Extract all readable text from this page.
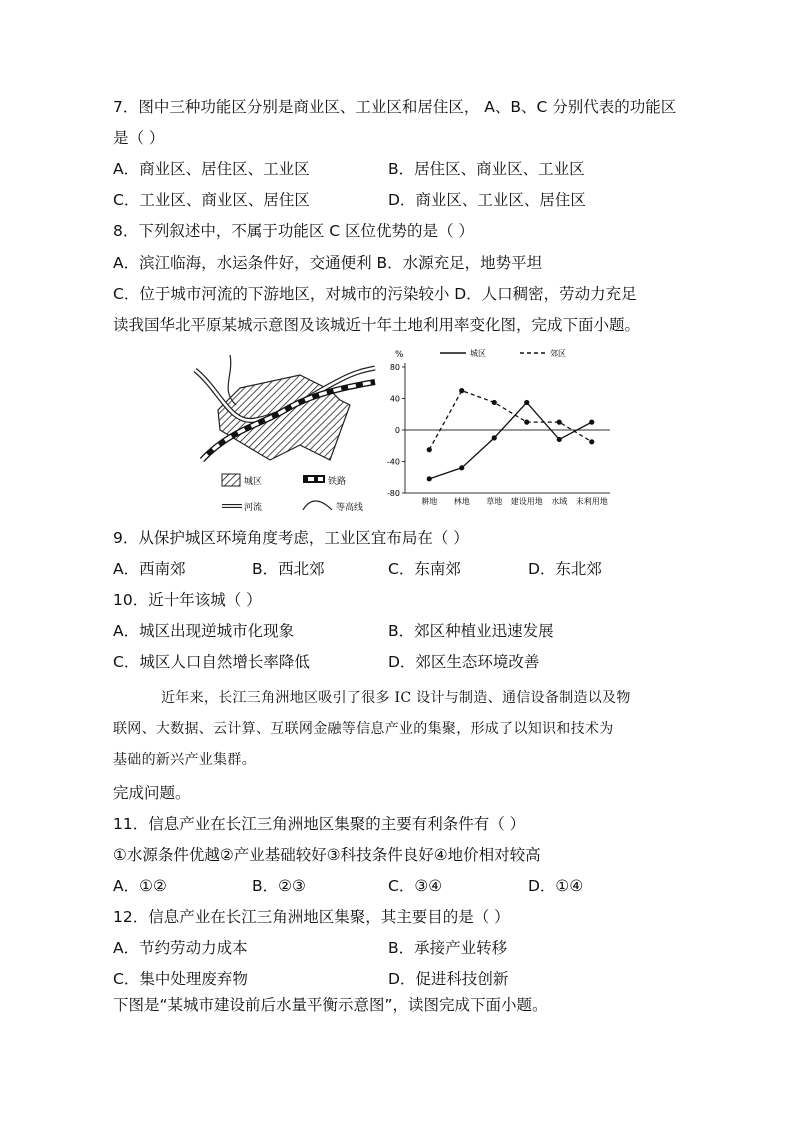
7．图中三种功能区分别是商业区、工业区和居住区， A、B、C 分别代表的功能区
是（ ）
A．商业区、居住区、工业区	B．居住区、商业区、工业区
C．工业区、商业区、居住区	D．商业区、工业区、居住区
8．下列叙述中，不属于功能区 C 区位优势的是（ ）
A．滨江临海，水运条件好，交通便利 B．水源充足，地势平坦
C．位于城市河流的下游地区，对城市的污染较小 D．人口稠密，劳动力充足
读我国华北平原某城示意图及该城近十年土地利用率变化图，完成下面小题。
城区	铁路
河流	等高线
城区	郊区
%
80
40
0
-40
-80
耕地 林地 草地 建设用地 水域 未利用地
9．从保护城区环境角度考虑，工业区宜布局在（ ）
A．西南郊	B．西北郊	C．东南郊	D．东北郊
10．近十年该城（ ）
A．城区出现逆城市化现象	B．郊区种植业迅速发展
C．城区人口自然增长率降低	D．郊区生态环境改善
近年来，长江三角洲地区吸引了很多 IC 设计与制造、通信设备制造以及物
联网、大数据、云计算、互联网金融等信息产业的集聚，形成了以知识和技术为
基础的新兴产业集群。
完成问题。
11．信息产业在长江三角洲地区集聚的主要有利条件有（ ）
①水源条件优越②产业基础较好③科技条件良好④地价相对较高
A．①②	B．②③	C．③④	D．①④
12．信息产业在长江三角洲地区集聚，其主要目的是（ ）
A．节约劳动力成本	B．承接产业转移
C．集中处理废弃物	D．促进科技创新
下图是“某城市建设前后水量平衡示意图”，读图完成下面小题。
